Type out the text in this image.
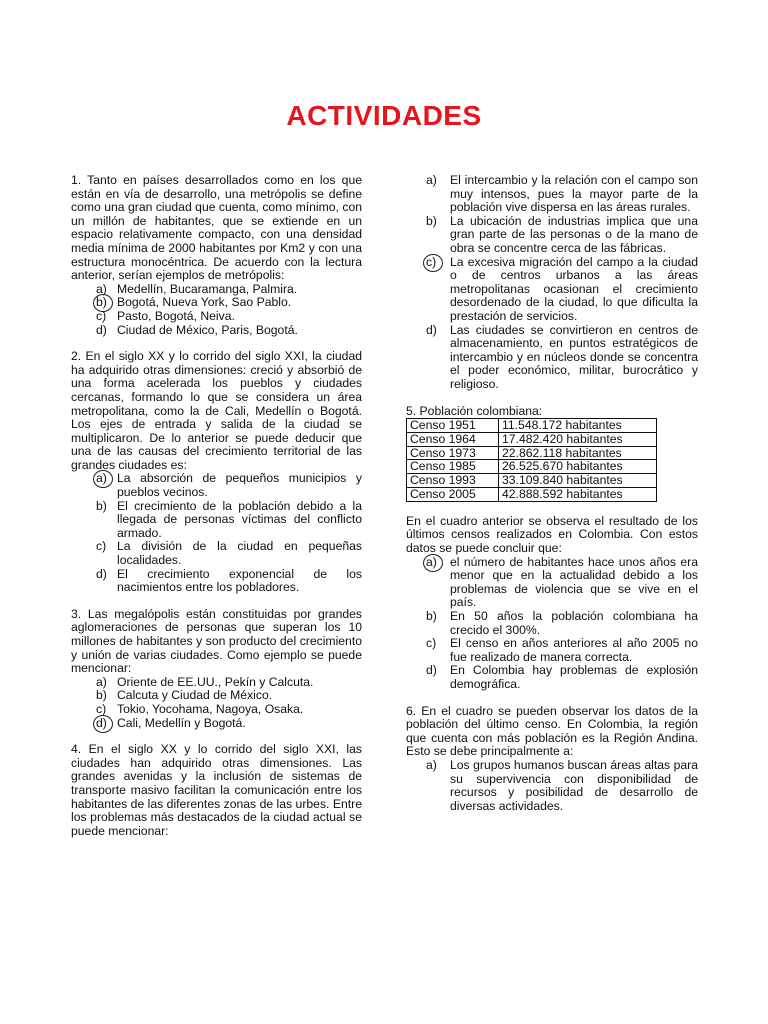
ACTIVIDADES

1. Tanto en países desarrollados como en los que están en vía de desarrollo, una metrópolis se define como una gran ciudad que cuenta, como mínimo, con un millón de habitantes, que se extiende en un espacio relativamente compacto, con una densidad media mínima de 2000 habitantes por Km2 y con una estructura monocéntrica. De acuerdo con la lectura anterior, serían ejemplos de metrópolis:

a) Medellín, Bucaramanga, Palmira.
b) Bogotá, Nueva York, Sao Pablo.
c) Pasto, Bogotá, Neiva.
d) Ciudad de México, Paris, Bogotá.

2. En el siglo XX y lo corrido del siglo XXI, la ciudad ha adquirido otras dimensiones: creció y absorbió de una forma acelerada los pueblos y ciudades cercanas, formando lo que se considera un área metropolitana, como la de Cali, Medellín o Bogotá. Los ejes de entrada y salida de la ciudad se multiplicaron. De lo anterior se puede deducir que una de las causas del crecimiento territorial de las grandes ciudades es:

a) La absorción de pequeños municipios y pueblos vecinos.
b) El crecimiento de la población debido a la llegada de personas víctimas del conflicto armado.
c) La división de la ciudad en pequeñas localidades.
d) El crecimiento exponencial de los nacimientos entre los pobladores.

3. Las megalópolis están constituidas por grandes aglomeraciones de personas que superan los 10 millones de habitantes y son producto del crecimiento y unión de varias ciudades. Como ejemplo se puede mencionar:

a) Oriente de EE.UU., Pekín y Calcuta.
b) Calcuta y Ciudad de México.
c) Tokio, Yocohama, Nagoya, Osaka.
d) Cali, Medellín y Bogotá.

4. En el siglo XX y lo corrido del siglo XXI, las ciudades han adquirido otras dimensiones. Las grandes avenidas y la inclusión de sistemas de transporte masivo facilitan la comunicación entre los habitantes de las diferentes zonas de las urbes. Entre los problemas más destacados de la ciudad actual se puede mencionar:

a)	El intercambio y la relación con el campo son muy intensos, pues la mayor parte de la población vive dispersa en las áreas rurales.
b)	La ubicación de industrias implica que una gran parte de las personas o de la mano de obra se concentre cerca de las fábricas.
c)	La excesiva migración del campo a la ciudad o de centros urbanos a las áreas metropolitanas ocasionan el crecimiento desordenado de la ciudad, lo que dificulta la prestación de servicios.
d)	Las ciudades se convirtieron en centros de almacenamiento, en puntos estratégicos de intercambio y en núcleos donde se concentra el poder económico, militar, burocrático y religioso.

5. Población colombiana:

Censo 1951	11.548.172 habitantes
Censo 1964	17.482.420 habitantes
Censo 1973	22.862.118 habitantes
Censo 1985	26.525.670 habitantes
Censo 1993	33.109.840 habitantes
Censo 2005	42.888.592 habitantes

En el cuadro anterior se observa el resultado de los últimos censos realizados en Colombia. Con estos datos se puede concluir que:

a)	el número de habitantes hace unos años era menor que en la actualidad debido a los problemas de violencia que se vive en el país.
b)	En 50 años la población colombiana ha crecido el 300%.
c)	El censo en años anteriores al año 2005 no fue realizado de manera correcta.
d)	En Colombia hay problemas de explosión demográfica.

6. En el cuadro se pueden observar los datos de la población del último censo. En Colombia, la región que cuenta con más población es la Región Andina. Esto se debe principalmente a:

a)	Los grupos humanos buscan áreas altas para su supervivencia con disponibilidad de recursos y posibilidad de desarrollo de diversas actividades.
